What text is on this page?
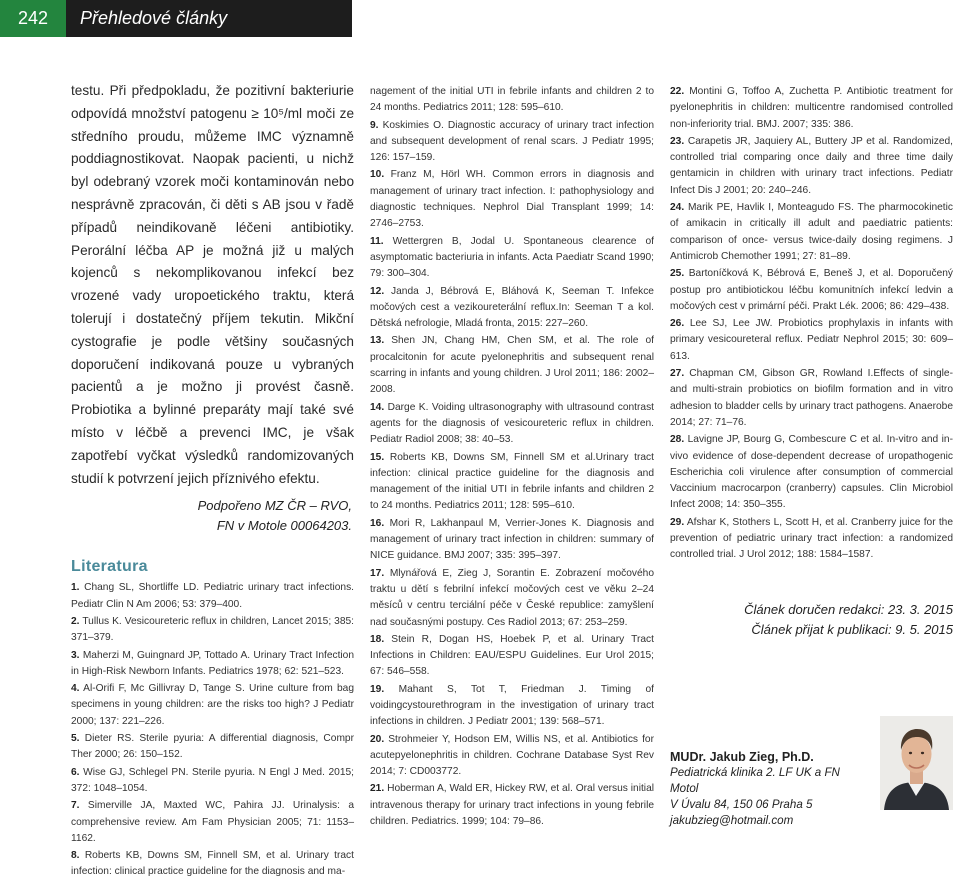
242	Přehledové články

testu. Při předpokladu, že pozitivní bakteriurie odpovídá množství patogenu ≥ 10⁵/ml moči ze středního proudu, můžeme IMC významně poddiagnostikovat. Naopak pacienti, u nichž byl odebraný vzorek moči kontaminován nebo nesprávně zpracován, či děti s AB jsou v řadě případů neindikovaně léčeni antibiotiky. Perorální léčba AP je možná již u malých kojenců s nekomplikovanou infekcí bez vrozené vady uropoetického traktu, která tolerují i dostatečný příjem tekutin. Mikční cystografie je podle většiny současných doporučení indikovaná pouze u vybraných pacientů a je možno ji provést časně. Probiotika a bylinné preparáty mají také své místo v léčbě a prevenci IMC, je však zapotřebí vyčkat výsledků randomizovaných studií k potvrzení jejich příznivého efektu.

Podpořeno MZ ČR – RVO,
FN v Motole 00064203.
Literatura
1. Chang SL, Shortliffe LD. Pediatric urinary tract infections. Pediatr Clin N Am 2006; 53: 379–400.
2. Tullus K. Vesicoureteric reflux in children, Lancet 2015; 385: 371–379.
3. Maherzi M, Guingnard JP, Tottado A. Urinary Tract Infection in High-Risk Newborn Infants. Pediatrics 1978; 62: 521–523.
4. Al-Orifi F, Mc Gillivray D, Tange S. Urine culture from bag specimens in young children: are the risks too high? J Pediatr 2000; 137: 221–226.
5. Dieter RS. Sterile pyuria: A differential diagnosis, Compr Ther 2000; 26: 150–152.
6. Wise GJ, Schlegel PN. Sterile pyuria. N Engl J Med. 2015; 372: 1048–1054.
7. Simerville JA, Maxted WC, Pahira JJ. Urinalysis: a comprehensive review. Am Fam Physician 2005; 71: 1153–1162.
8. Roberts KB, Downs SM, Finnell SM, et al. Urinary tract infection: clinical practice guideline for the diagnosis and ma-
nagement of the initial UTI in febrile infants and children 2 to 24 months. Pediatrics 2011; 128: 595–610.
9. Koskimies O. Diagnostic accuracy of urinary tract infection and subsequent development of renal scars. J Pediatr 1995; 126: 157–159.
10. Franz M, Hörl WH. Common errors in diagnosis and management of urinary tract infection. I: pathophysiology and diagnostic techniques. Nephrol Dial Transplant 1999; 14: 2746–2753.
11. Wettergren B, Jodal U. Spontaneous clearence of asymptomatic bacteriuria in infants. Acta Paediatr Scand 1990; 79: 300–304.
12. Janda J, Bébrová E, Bláhová K, Seeman T. Infekce močových cest a vezikoureterální reflux.In: Seeman T a kol. Dětská nefrologie, Mladá fronta, 2015: 227–260.
13. Shen JN, Chang HM, Chen SM, et al. The role of procalcitonin for acute pyelonephritis and subsequent renal scarring in infants and young children. J Urol 2011; 186: 2002–2008.
14. Darge K. Voiding ultrasonography with ultrasound contrast agents for the diagnosis of vesicoureteric reflux in children. Pediatr Radiol 2008; 38: 40–53.
15. Roberts KB, Downs SM, Finnell SM et al.Urinary tract infection: clinical practice guideline for the diagnosis and management of the initial UTI in febrile infants and children 2 to 24 months. Pediatrics 2011; 128: 595–610.
16. Mori R, Lakhanpaul M, Verrier-Jones K. Diagnosis and management of urinary tract infection in children: summary of NICE guidance. BMJ 2007; 335: 395–397.
17. Mlynářová E, Zieg J, Sorantin E. Zobrazení močového traktu u dětí s febrilní infekcí močových cest ve věku 2–24 měsíců v centru terciální péče v České republice: zamyšlení nad současnými postupy. Ces Radiol 2013; 67: 253–259.
18. Stein R, Dogan HS, Hoebek P, et al. Urinary Tract Infections in Children: EAU/ESPU Guidelines. Eur Urol 2015; 67: 546–558.
19. Mahant S, Tot T, Friedman J. Timing of voidingcystourethrogram in the investigation of urinary tract infections in children. J Pediatr 2001; 139: 568–571.
20. Strohmeier Y, Hodson EM, Willis NS, et al. Antibiotics for acutepyelonephritis in children. Cochrane Database Syst Rev 2014; 7: CD003772.
21. Hoberman A, Wald ER, Hickey RW, et al. Oral versus initial intravenous therapy for urinary tract infections in young febrile children. Pediatrics. 1999; 104: 79–86.
22. Montini G, Toffoo A, Zuchetta P. Antibiotic treatment for pyelonephritis in children: multicentre randomised controlled non-inferiority trial. BMJ. 2007; 335: 386.
23. Carapetis JR, Jaquiery AL, Buttery JP et al. Randomized, controlled trial comparing once daily and three time daily gentamicin in children with urinary tract infections. Pediatr Infect Dis J 2001; 20: 240–246.
24. Marik PE, Havlik I, Monteagudo FS. The pharmocokinetic of amikacin in critically ill adult and paediatric patients: comparison of once- versus twice-daily dosing regimens. J Antimicrob Chemother 1991; 27: 81–89.
25. Bartoníčková K, Bébrová E, Beneš J, et al. Doporučený postup pro antibiotickou léčbu komunitních infekcí ledvin a močových cest v primární péči. Prakt Lék. 2006; 86: 429–438.
26. Lee SJ, Lee JW. Probiotics prophylaxis in infants with primary vesicoureteral reflux. Pediatr Nephrol 2015; 30: 609–613.
27. Chapman CM, Gibson GR, Rowland I.Effects of single- and multi-strain probiotics on biofilm formation and in vitro adhesion to bladder cells by urinary tract pathogens. Anaerobe 2014; 27: 71–76.
28. Lavigne JP, Bourg G, Combescure C et al. In-vitro and in-vivo evidence of dose-dependent decrease of uropathogenic Escherichia coli virulence after consumption of commercial Vaccinium macrocarpon (cranberry) capsules. Clin Microbiol Infect 2008; 14: 350–355.
29. Afshar K, Stothers L, Scott H, et al. Cranberry juice for the prevention of pediatric urinary tract infection: a randomized controlled trial. J Urol 2012; 188: 1584–1587.
Článek doručen redakci: 23. 3. 2015
Článek přijat k publikaci: 9. 5. 2015
MUDr. Jakub Zieg, Ph.D.
Pediatrická klinika 2. LF UK a FN Motol
V Úvalu 84, 150 06 Praha 5
jakubzieg@hotmail.com
